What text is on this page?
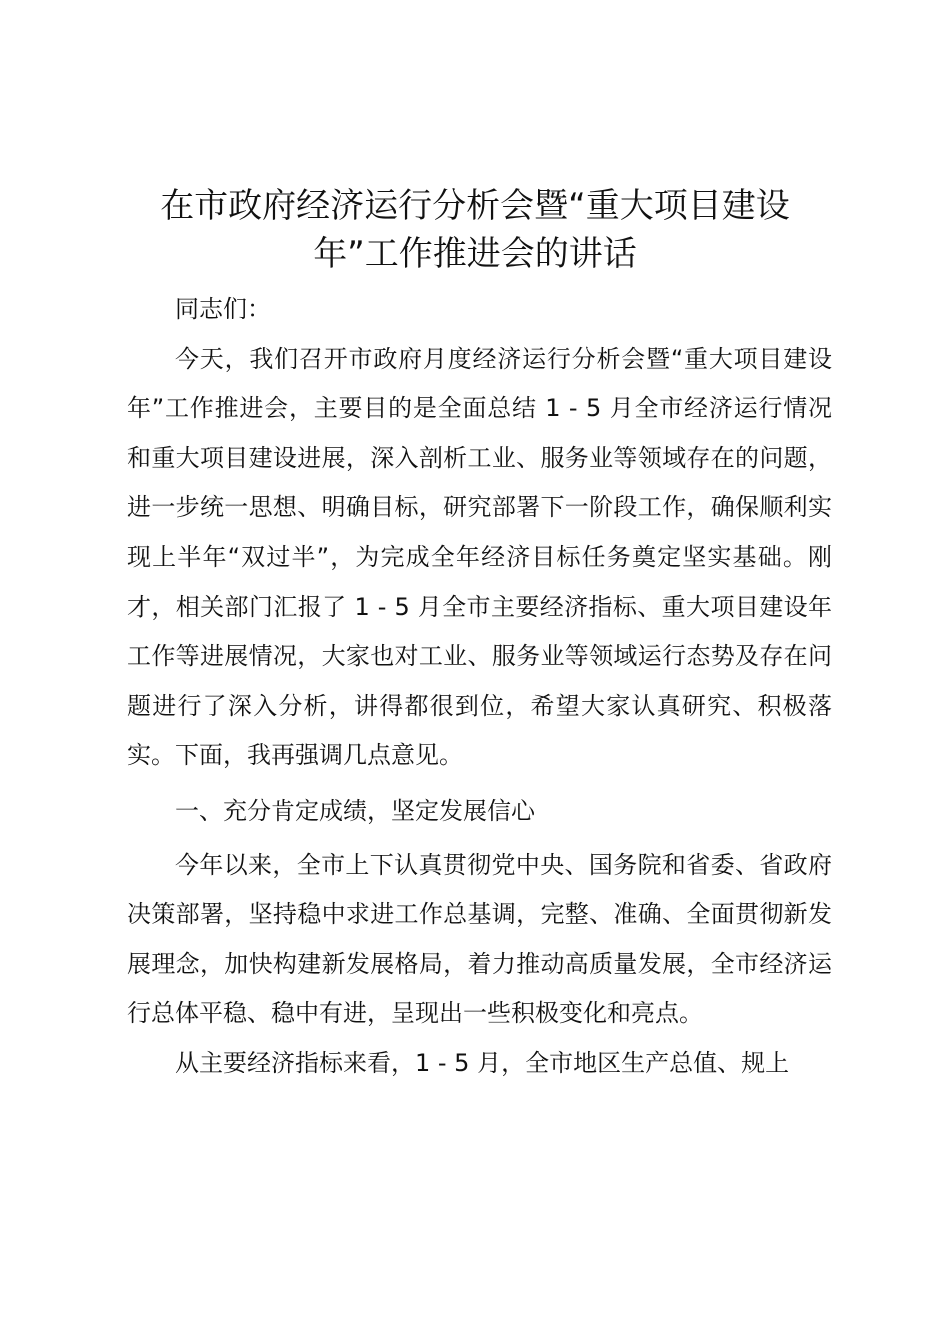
在市政府经济运行分析会暨“重大项目建设
年”工作推进会的讲话

同志们：

今天，我们召开市政府月度经济运行分析会暨“重大项目建设年”工作推进会，主要目的是全面总结 1 - 5 月全市经济运行情况和重大项目建设进展，深入剖析工业、服务业等领域存在的问题，进一步统一思想、明确目标，研究部署下一阶段工作，确保顺利实现上半年“双过半”，为完成全年经济目标任务奠定坚实基础。刚才，相关部门汇报了 1 - 5 月全市主要经济指标、重大项目建设年工作等进展情况，大家也对工业、服务业等领域运行态势及存在问题进行了深入分析，讲得都很到位，希望大家认真研究、积极落实。下面，我再强调几点意见。

一、充分肯定成绩，坚定发展信心

今年以来，全市上下认真贯彻党中央、国务院和省委、省政府决策部署，坚持稳中求进工作总基调，完整、准确、全面贯彻新发展理念，加快构建新发展格局，着力推动高质量发展，全市经济运行总体平稳、稳中有进，呈现出一些积极变化和亮点。

从主要经济指标来看，1 - 5 月，全市地区生产总值、规上
